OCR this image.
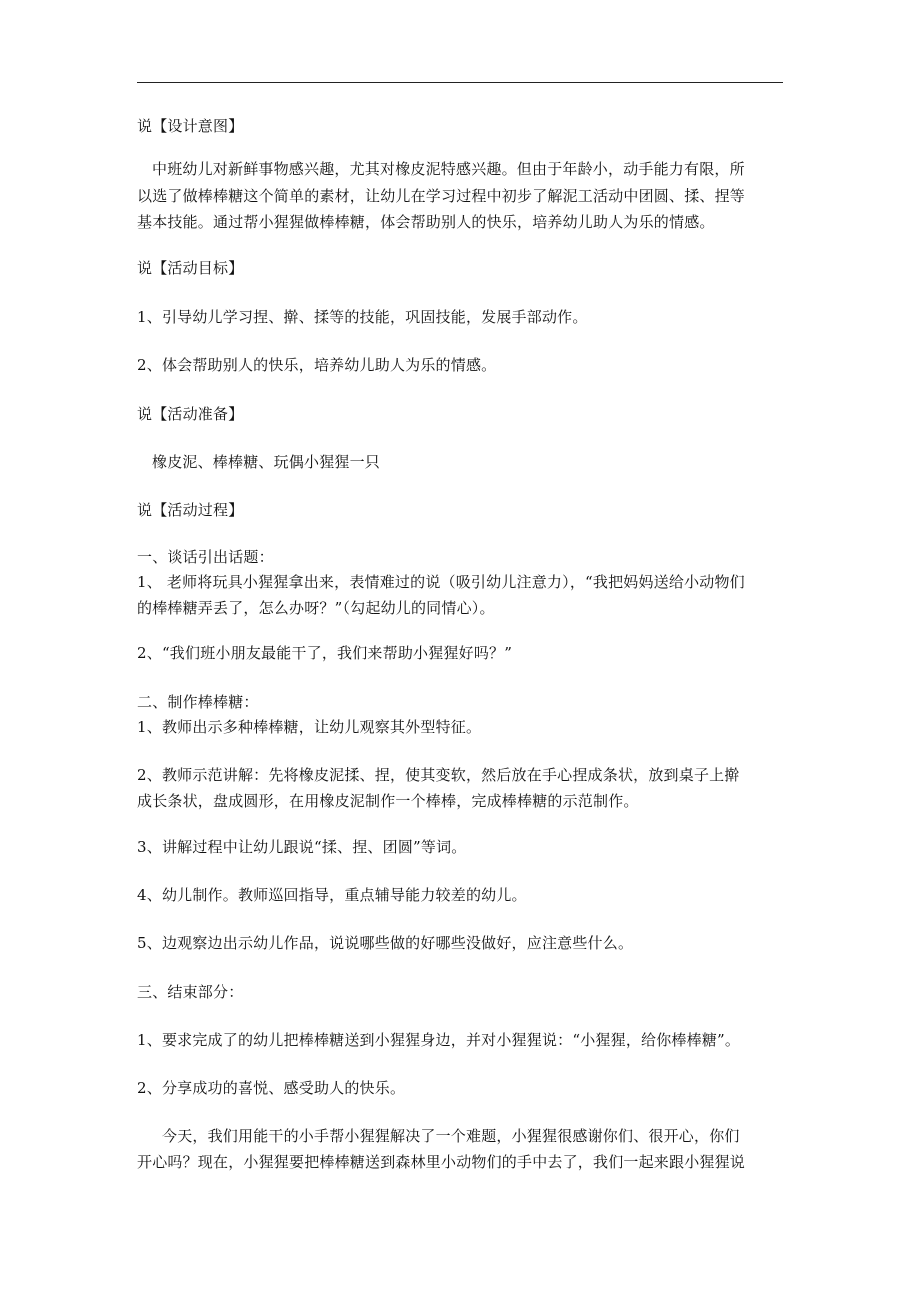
说【设计意图】
中班幼儿对新鲜事物感兴趣，尤其对橡皮泥特感兴趣。但由于年龄小，动手能力有限，所
以选了做棒棒糖这个简单的素材，让幼儿在学习过程中初步了解泥工活动中团圆、揉、捏等
基本技能。通过帮小猩猩做棒棒糖，体会帮助别人的快乐，培养幼儿助人为乐的情感。
说【活动目标】
1、引导幼儿学习捏、擀、揉等的技能，巩固技能，发展手部动作。
2、体会帮助别人的快乐，培养幼儿助人为乐的情感。
说【活动准备】
橡皮泥、棒棒糖、玩偶小猩猩一只
说【活动过程】
一、谈话引出话题：
1、 老师将玩具小猩猩拿出来，表情难过的说（吸引幼儿注意力），“我把妈妈送给小动物们
的棒棒糖弄丢了，怎么办呀？”（勾起幼儿的同情心）。
2、“我们班小朋友最能干了，我们来帮助小猩猩好吗？”
二、制作棒棒糖：
1、教师出示多种棒棒糖，让幼儿观察其外型特征。
2、教师示范讲解：先将橡皮泥揉、捏，使其变软，然后放在手心捏成条状，放到桌子上擀
成长条状，盘成圆形，在用橡皮泥制作一个棒棒，完成棒棒糖的示范制作。
3、讲解过程中让幼儿跟说“揉、捏、团圆”等词。
4、幼儿制作。教师巡回指导，重点辅导能力较差的幼儿。
5、边观察边出示幼儿作品，说说哪些做的好哪些没做好，应注意些什么。
三、结束部分：
1、要求完成了的幼儿把棒棒糖送到小猩猩身边，并对小猩猩说：“小猩猩，给你棒棒糖”。
2、分享成功的喜悦、感受助人的快乐。
今天，我们用能干的小手帮小猩猩解决了一个难题，小猩猩很感谢你们、很开心，你们
开心吗？现在，小猩猩要把棒棒糖送到森林里小动物们的手中去了，我们一起来跟小猩猩说
